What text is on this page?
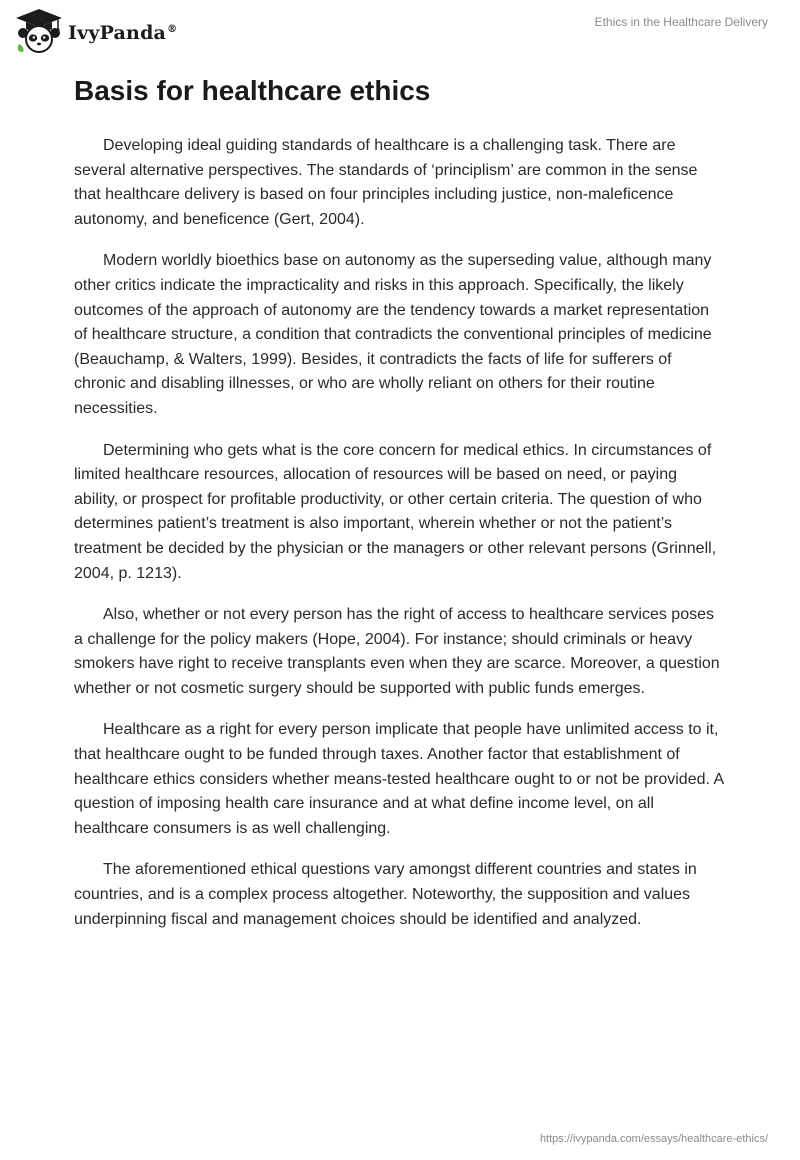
IvyPanda®
Ethics in the Healthcare Delivery
Basis for healthcare ethics

Developing ideal guiding standards of healthcare is a challenging task. There are several alternative perspectives. The standards of ‘principlism’ are common in the sense that healthcare delivery is based on four principles including justice, non-maleficence autonomy, and beneficence (Gert, 2004).

Modern worldly bioethics base on autonomy as the superseding value, although many other critics indicate the impracticality and risks in this approach. Specifically, the likely outcomes of the approach of autonomy are the tendency towards a market representation of healthcare structure, a condition that contradicts the conventional principles of medicine (Beauchamp, & Walters, 1999). Besides, it contradicts the facts of life for sufferers of chronic and disabling illnesses, or who are wholly reliant on others for their routine necessities.

Determining who gets what is the core concern for medical ethics. In circumstances of limited healthcare resources, allocation of resources will be based on need, or paying ability, or prospect for profitable productivity, or other certain criteria. The question of who determines patient’s treatment is also important, wherein whether or not the patient’s treatment be decided by the physician or the managers or other relevant persons (Grinnell, 2004, p. 1213).

Also, whether or not every person has the right of access to healthcare services poses a challenge for the policy makers (Hope, 2004). For instance; should criminals or heavy smokers have right to receive transplants even when they are scarce. Moreover, a question whether or not cosmetic surgery should be supported with public funds emerges.

Healthcare as a right for every person implicate that people have unlimited access to it, that healthcare ought to be funded through taxes. Another factor that establishment of healthcare ethics considers whether means-tested healthcare ought to or not be provided. A question of imposing health care insurance and at what define income level, on all healthcare consumers is as well challenging.

The aforementioned ethical questions vary amongst different countries and states in countries, and is a complex process altogether. Noteworthy, the supposition and values underpinning fiscal and management choices should be identified and analyzed.

https://ivypanda.com/essays/healthcare-ethics/
